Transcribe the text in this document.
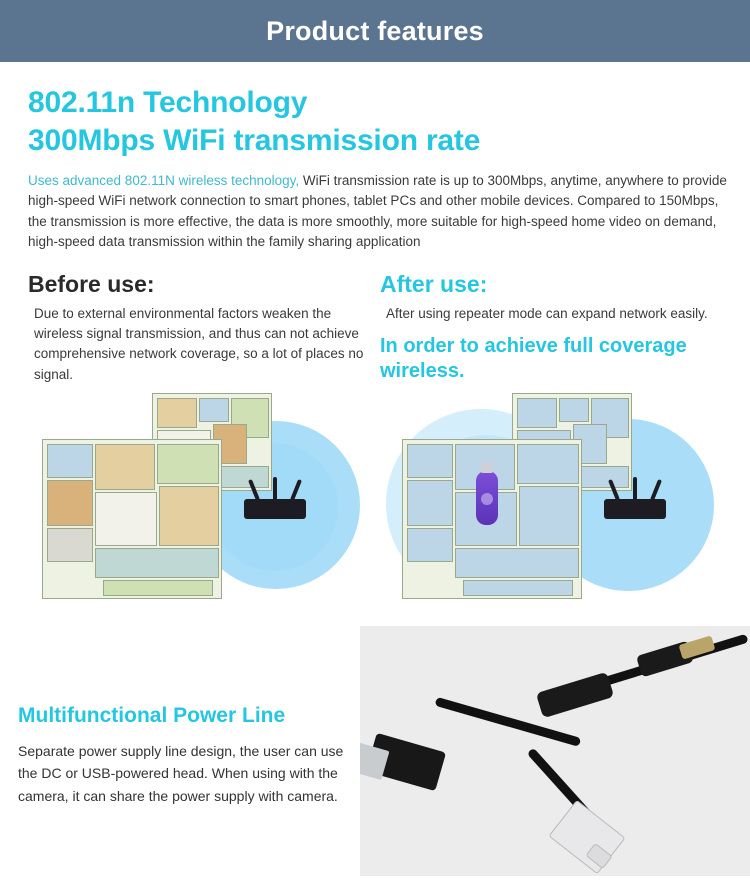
Product features
802.11n Technology
300Mbps WiFi transmission rate
Uses advanced 802.11N wireless technology, WiFi transmission rate is up to 300Mbps, anytime, anywhere to provide high-speed WiFi network connection to smart phones, tablet PCs and other mobile devices. Compared to 150Mbps, the transmission is more effective, the data is more smoothly, more suitable for high-speed home video on demand, high-speed data transmission within the family sharing application
Before use:
Due to external environmental factors weaken the wireless signal transmission, and thus can not achieve comprehensive network coverage, so a lot of places no signal.
After use:
After using repeater mode can expand network easily.
In order to achieve full coverage wireless.
Multifunctional Power Line
Separate power supply line design, the user can use the DC or USB-powered head. When using with the camera, it can share the power supply with camera.
